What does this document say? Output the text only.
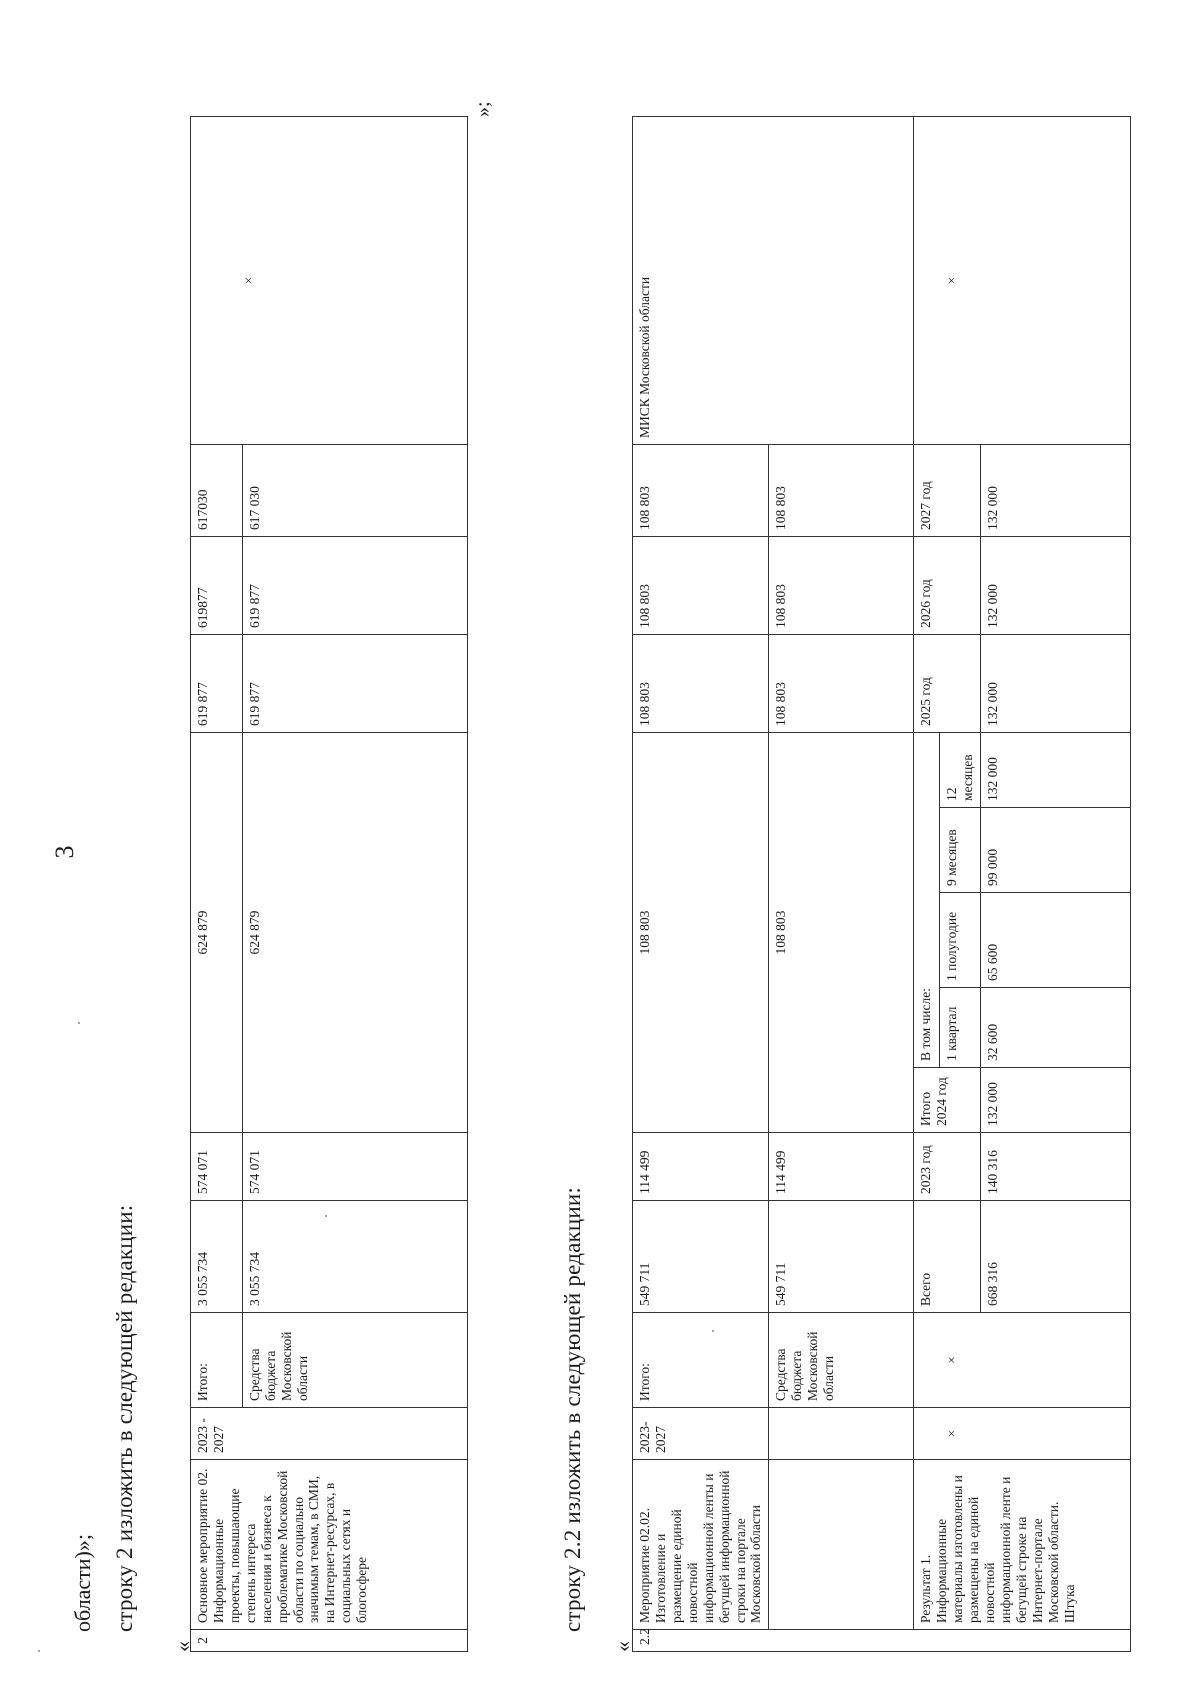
3
области)»; строку 2 изложить в следующей редакции:
«
2	Основное мероприятие 02. Информационные проекты, повышающие степень интереса населения и бизнеса к проблематике Московской области по социально значимым темам, в СМИ, на Интернет-ресурсах, в социальных сетях и блогосфере	2023 - 2027	Итого:	3 055 734	574 071	624 879	619 877	619877	617030	×
			Средства бюджета Московской области	3 055 734	574 071	624 879	619 877	619 877	617 030	
строку 2.2 изложить в следующей редакции:
«
2.2	Мероприятие 02.02. Изготовление и размещение единой новостной информационной ленты и бегущей информационной строки на портале Московской области	2023-2027	Итого:	549 711	114 499	108 803					108 803	108 803	108 803	МИСК Московской области
			Средства бюджета Московской области	549 711	114 499	108 803					108 803	108 803	108 803	
	Результат 1. Информационные материалы изготовлены и размещены на единой новостной информационной ленте и бегущей строке на Интернет-портале Московской области. Штука	×	×	Всего	2023 год	Итого 2024 год	В том числе:				2025 год	2026 год	2027 год	×
							1 квартал	1 полугодие	9 месяцев	12 месяцев				
				668 316	140 316	132 000	32 600	65 600	99 000	132 000	132 000	132 000	132 000	
»;
